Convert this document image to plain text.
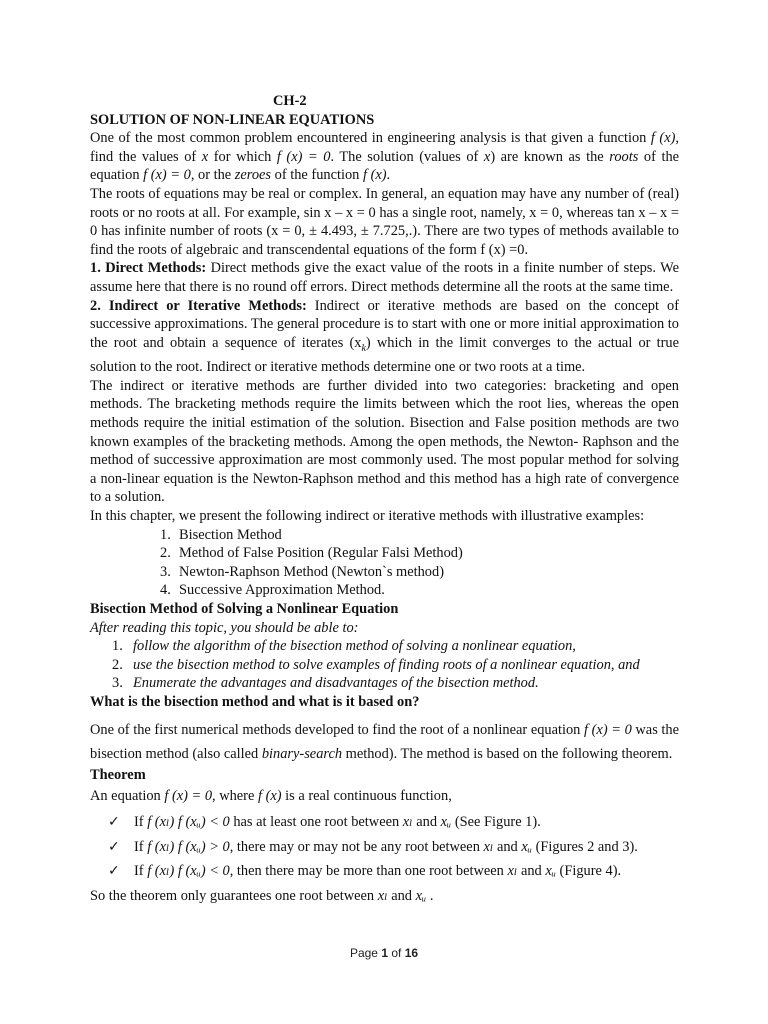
CH-2

SOLUTION OF NON-LINEAR EQUATIONS

One of the most common problem encountered in engineering analysis is that given a function f (x), find the values of x for which f (x) = 0. The solution (values of x) are known as the roots of the equation f (x) = 0, or the zeroes of the function f (x).

The roots of equations may be real or complex. In general, an equation may have any number of (real) roots or no roots at all. For example, sin x – x = 0 has a single root, namely, x = 0, whereas tan x – x = 0 has infinite number of roots (x = 0, ± 4.493, ± 7.725,.). There are two types of methods available to find the roots of algebraic and transcendental equations of the form f (x) =0.

1. Direct Methods: Direct methods give the exact value of the roots in a finite number of steps. We assume here that there is no round off errors. Direct methods determine all the roots at the same time.

2. Indirect or Iterative Methods: Indirect or iterative methods are based on the concept of successive approximations. The general procedure is to start with one or more initial approximation to the root and obtain a sequence of iterates $(x_k)$ which in the limit converges to the actual or true solution to the root. Indirect or iterative methods determine one or two roots at a time.

The indirect or iterative methods are further divided into two categories: bracketing and open methods. The bracketing methods require the limits between which the root lies, whereas the open methods require the initial estimation of the solution. Bisection and False position methods are two known examples of the bracketing methods. Among the open methods, the Newton- Raphson and the method of successive approximation are most commonly used. The most popular method for solving a non-linear equation is the Newton-Raphson method and this method has a high rate of convergence to a solution.

In this chapter, we present the following indirect or iterative methods with illustrative examples:

1. Bisection Method
2. Method of False Position (Regular Falsi Method)
3. Newton-Raphson Method (Newton`s method)
4. Successive Approximation Method.

Bisection Method of Solving a Nonlinear Equation

After reading this topic, you should be able to:

1. follow the algorithm of the bisection method of solving a nonlinear equation,
2. use the bisection method to solve examples of finding roots of a nonlinear equation, and
3. Enumerate the advantages and disadvantages of the bisection method.

What is the bisection method and what is it based on?

One of the first numerical methods developed to find the root of a nonlinear equation f (x) = 0 was the bisection method (also called binary-search method). The method is based on the following theorem.

Theorem

An equation f (x) = 0, where f (x) is a real continuous function,

✓ If f (xₗ) f (xᵤ) < 0 has at least one root between xₗ and xᵤ (See Figure 1).
✓ If f (xₗ) f (xᵤ) > 0, there may or may not be any root between xₗ and xᵤ (Figures 2 and 3).
✓ If f (xₗ) f (xᵤ) < 0, then there may be more than one root between xₗ and xᵤ (Figure 4).

So the theorem only guarantees one root between xₗ and xᵤ .

Page 1 of 16
